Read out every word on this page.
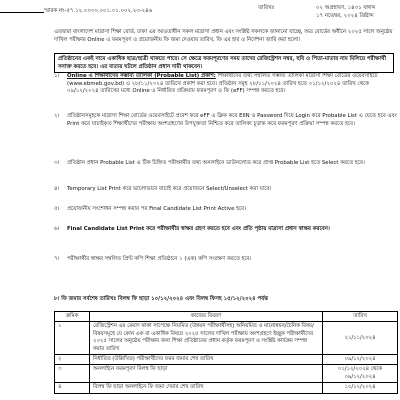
স্মারক নং-৫৭.১২.০০০০.০০১.০১.০০২.২৩-২৪৬	তারিখঃ	০২ অগ্রহায়ণ, ১৪৩১ বঙ্গাব্দ
১৭ নভেম্বর, ২০২৪ খ্রিষ্টাব্দ
এতদ্বারা বাংলাদেশ মাদ্রাসা শিক্ষা বোর্ড, ঢাকা এর আওতাধীন সকল মাদ্রাসা প্রধান এবং সংশ্লিষ্ট সকলকে জানানো যাচ্ছে, অত্র বোর্ডের অধীনে ২০২৫ সালে অনুষ্ঠেয় দাখিল পরীক্ষার Online এ ফরমপূরণ ও প্রয়োজনীয় ফি জমা দেওয়ার তারিখ, ফি এর হার ও নির্দেশনা জারি করা হলো।
প্রতিষ্ঠানের একই নামে একাধিক ছাত্র/ছাত্রী থাকতে পারে। সে ক্ষেত্রে ফরমপূরণের সময় তাদের রেজিস্ট্রেশন নম্বর, ছবি ও পিতা-মাতার নাম মিলিয়ে পরীক্ষার্থী সনাক্ত করতে হবে। এর ব্যত্যয় ঘটলে প্রতিষ্ঠান প্রধান দায়ী থাকবেন।
১। Online এ শিক্ষার্থীদের সম্ভাব্য তালিকা (Probable List) প্রকাশ: শিক্ষার্থীদের তথ্য সম্বলিত সম্ভাব্য তালিকা মাদ্রাসা শিক্ষা বোর্ডের ওয়েবসাইটে (www.ebmeb.gov.bd) এ ২৮/১১/২০২৪ তারিখে প্রকাশ করা হবে। প্রতিষ্ঠান সমূহ ২৮/১১/২০২৪ তারিখ হতে ০১/১২/২০২৪ তারিখ থেকে ০৯/১২/২০২৪ তারিখের মধ্যে Online এ নির্ধারিত প্রক্রিয়ায় ফরমপূরণ ও ফি (eFF) সম্পন্ন করতে হবে।
২। প্রতিষ্ঠানসমূহকে মাদ্রাসা শিক্ষা বোর্ডের ওয়েবসাইটে প্রবেশ করে eFF এ ক্লিক করে EIIN ও Password দিয়ে Login করে Probable List এ যেতে হবে এবং Print করে যাচাইকৃত শিক্ষার্থীদের পরীক্ষায় অংশগ্রহণের উপযুক্ততা নিশ্চিত করে তালিকা চূড়ান্ত করে ফরমপূরণ প্রক্রিয়া সম্পন্ন করতে হবে।
৩। প্রতিষ্ঠান প্রধান Probable List এ টিক চিহ্নিত পরীক্ষার্থীর তথ্য অনলাইনে ডাউনলোড করে প্রাপ্ত Probable List হতে Select করতে হবে।
৪। Temporary List Print করে ভালোভাবে যাচাই করে প্রয়োজনে Select/Unselect করা যাবে।
৫। প্রয়োজনীয় সংশোধন সম্পন্ন করার পর Final Candidate List Print Active হবে।
৬। Final Candidate List Print করে পরীক্ষার্থীর স্বাক্ষর গ্রহণ করতে হবে এবং প্রতি পৃষ্ঠায় মাদ্রাসা প্রধান স্বাক্ষর করবেন।
৭। পরীক্ষার্থীর স্বাক্ষর সম্বলিত প্রিন্ট কপি শিক্ষা প্রতিষ্ঠানে ১ (এক) কপি সংরক্ষণ করতে হবে।
৮। ফি জমার সর্বশেষ তারিখঃ বিলম্ব ফি ছাড়া ১০/১২/২০২৪ এবং বিলম্ব ফিসহ ১৫/১২/২০২৪ পর্যন্ত
ক্রমিক	কাজের বিবরণ	তারিখ
১	রেজিস্ট্রেশন এর মেয়াদ থাকা সাপেক্ষে নিয়মিত (উন্নয়ন পরীক্ষার্থীসহ) অনিয়মিত ও মানোন্নয়ন/চৈনিক বিষয়/বিষয়সমূহে যে কোন এক বা একাধিক বিষয়ে ২০২৫ সালের দাখিল পরীক্ষায় অংশগ্রহণে ইচ্ছুক পরীক্ষার্থীদের ২০২৫ সালের অনুষ্ঠেয় পরীক্ষার জন্য শিক্ষা প্রতিষ্ঠানের প্রধান কর্তৃক ফরমপূরণ ও সংশ্লিষ্ট কার্যক্রম সম্পন্ন করার তারিখ	২১/১১/২০২৪
২	নির্ধারিত (উল্লিখিত) পরীক্ষার্থীদের ফরম জমার শেষ তারিখ	০৯/১২/২০২৪
৩	অনলাইনে ফরমপূরণ বিলম্ব ফি ছাড়া	০১/১২/২০২৪ থেকে ০৯/১২/২০২৪
৪	বিলম্ব ফি ছাড়া অনলাইনে ফি জমা দেয়ার শেষ তারিখ	১০/১২/২০২৪
